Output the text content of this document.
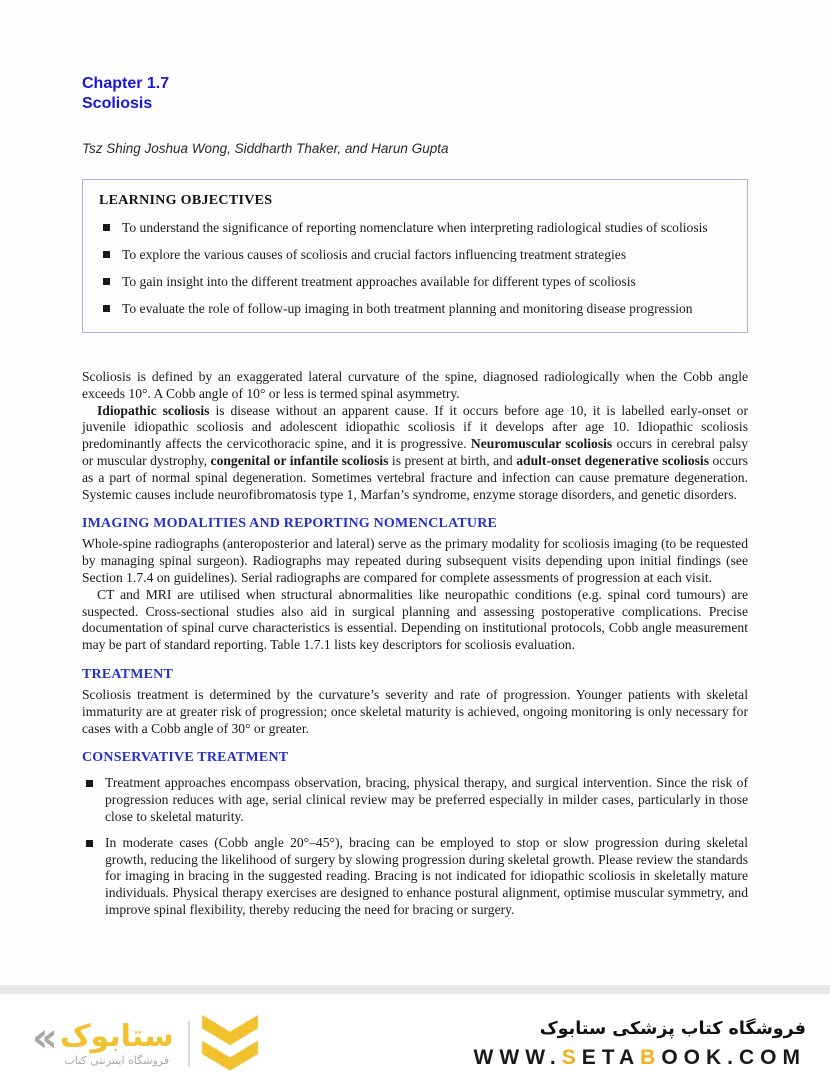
Chapter 1.7
Scoliosis
Tsz Shing Joshua Wong, Siddharth Thaker, and Harun Gupta
LEARNING OBJECTIVES
To understand the significance of reporting nomenclature when interpreting radiological studies of scoliosis
To explore the various causes of scoliosis and crucial factors influencing treatment strategies
To gain insight into the different treatment approaches available for different types of scoliosis
To evaluate the role of follow-up imaging in both treatment planning and monitoring disease progression

Scoliosis is defined by an exaggerated lateral curvature of the spine, diagnosed radiologically when the Cobb angle exceeds 10°. A Cobb angle of 10° or less is termed spinal asymmetry.

Idiopathic scoliosis is disease without an apparent cause. If it occurs before age 10, it is labelled early-onset or juvenile idiopathic scoliosis and adolescent idiopathic scoliosis if it develops after age 10. Idiopathic scoliosis predominantly affects the cervicothoracic spine, and it is progressive. Neuromuscular scoliosis occurs in cerebral palsy or muscular dystrophy, congenital or infantile scoliosis is present at birth, and adult-onset degenerative scoliosis occurs as a part of normal spinal degeneration. Sometimes vertebral fracture and infection can cause premature degeneration. Systemic causes include neurofibromatosis type 1, Marfan’s syndrome, enzyme storage disorders, and genetic disorders.

IMAGING MODALITIES AND REPORTING NOMENCLATURE

Whole-spine radiographs (anteroposterior and lateral) serve as the primary modality for scoliosis imaging (to be requested by managing spinal surgeon). Radiographs may repeated during subsequent visits depending upon initial findings (see Section 1.7.4 on guidelines). Serial radiographs are compared for complete assessments of progression at each visit.

CT and MRI are utilised when structural abnormalities like neuropathic conditions (e.g. spinal cord tumours) are suspected. Cross-sectional studies also aid in surgical planning and assessing postoperative complications. Precise documentation of spinal curve characteristics is essential. Depending on institutional protocols, Cobb angle measurement may be part of standard reporting. Table 1.7.1 lists key descriptors for scoliosis evaluation.

TREATMENT

Scoliosis treatment is determined by the curvature’s severity and rate of progression. Younger patients with skeletal immaturity are at greater risk of progression; once skeletal maturity is achieved, ongoing monitoring is only necessary for cases with a Cobb angle of 30° or greater.

CONSERVATIVE TREATMENT
Treatment approaches encompass observation, bracing, physical therapy, and surgical intervention. Since the risk of progression reduces with age, serial clinical review may be preferred especially in milder cases, particularly in those close to skeletal maturity.
In moderate cases (Cobb angle 20°–45°), bracing can be employed to stop or slow progression during skeletal growth, reducing the likelihood of surgery by slowing progression during skeletal growth. Please review the standards for imaging in bracing in the suggested reading. Bracing is not indicated for idiopathic scoliosis in skeletally mature individuals. Physical therapy exercises are designed to enhance postural alignment, optimise muscular symmetry, and improve spinal flexibility, thereby reducing the need for bracing or surgery.
« ستابوک
فروشگاه اینترنتی کتاب
فروشگاه کتاب پزشکی ستابوک
WWW.SETABOOK.COM
